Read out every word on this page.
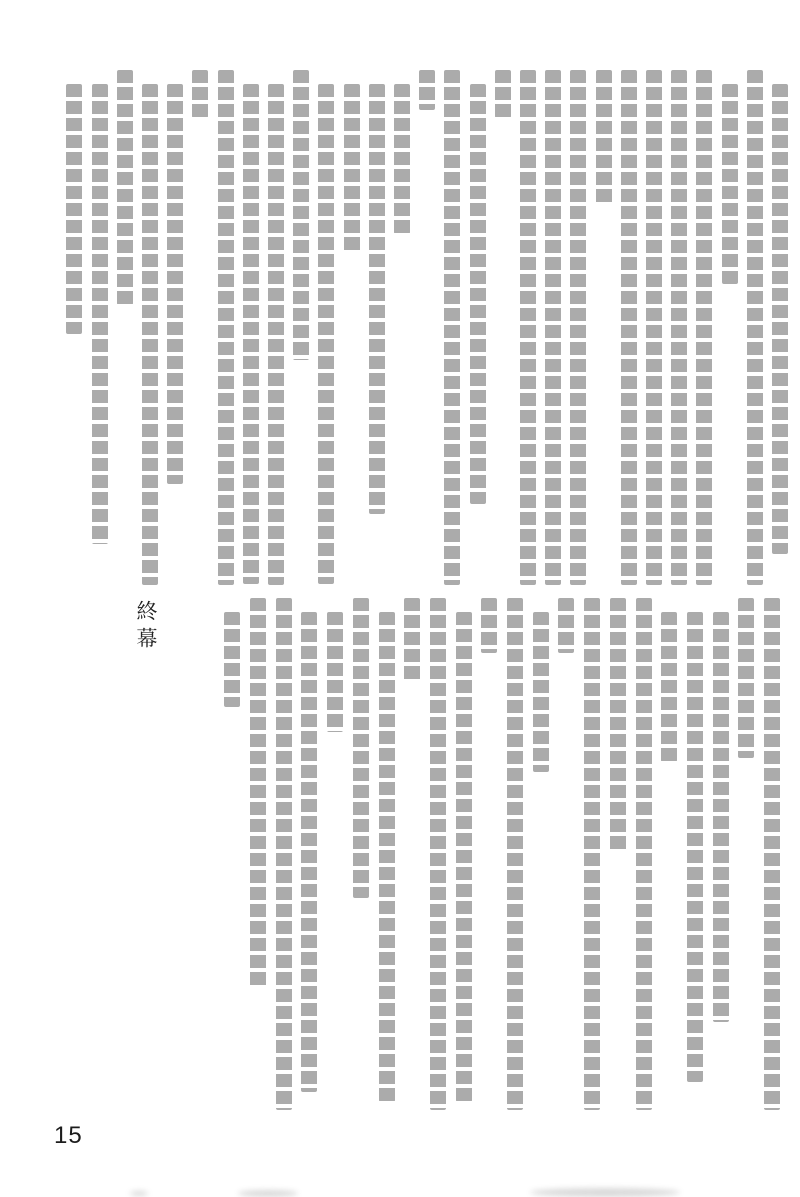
終幕
15
